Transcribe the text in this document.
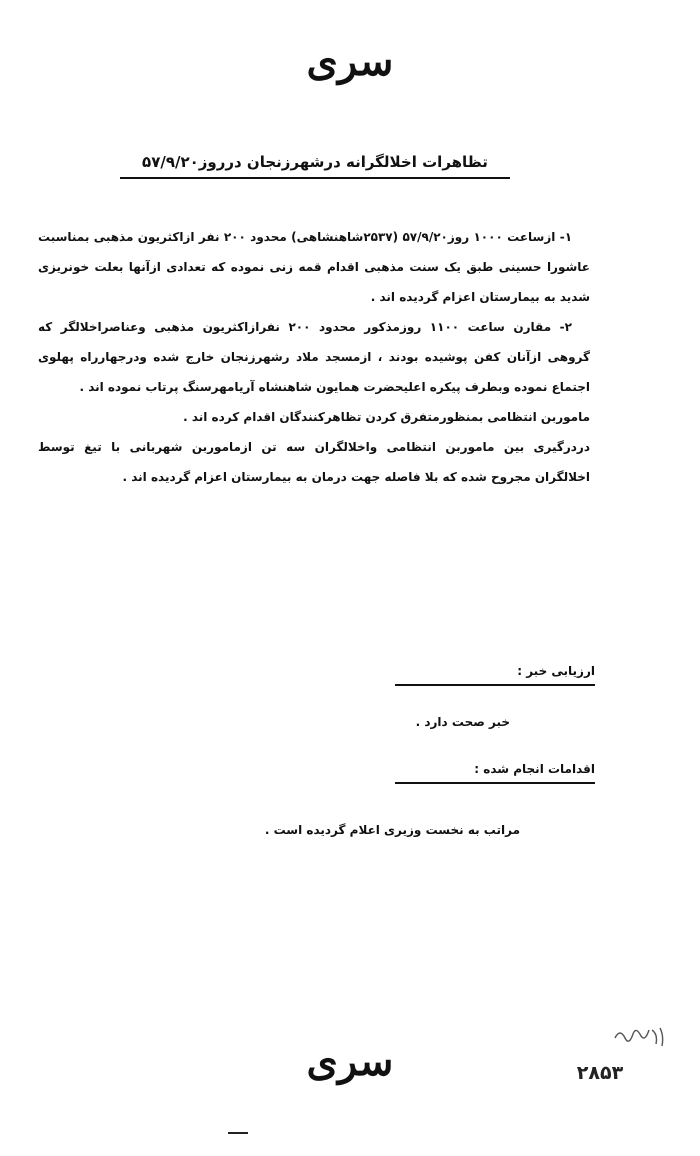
سری
تظاهرات اخلالگرانه درشهرزنجان درروز۵۷/۹/۲۰

۱- ازساعت ۱۰۰۰ روز۵۷/۹/۲۰ (۲۵۳۷شاهنشاهی) محدود ۲۰۰ نفر ازاکثریون مذهبی بمناسبت عاشورا حسینی طبق یک سنت مذهبی اقدام قمه زنی نموده که تعدادی ازآنها بعلت خونریزی شدید به بیمارستان اعزام گردیده اند .

۲- مقارن ساعت ۱۱۰۰ روزمذکور محدود ۲۰۰ نفرازاکثریون مذهبی وعناصراخلالگر که گروهی ازآنان کفن پوشیده بودند ، ازمسجد ملاد رشهرزنجان خارج شده ودرجهارراه پهلوی اجتماع نموده وبطرف پیکره اعلیحضرت همایون شاهنشاه آریامهرسنگ پرتاب نموده اند .

ماموربن انتظامی بمنظورمتفرق کردن تظاهرکنندگان اقدام کرده اند .

دردرگیری بین ماموربن انتظامی واخلالگران سه تن ازماموربن شهربانی با تیغ توسط اخلالگران مجروح شده که بلا فاصله جهت درمان به بیمارستان اعزام گردیده اند .

ارزیابی خبر :
خبر صحت دارد .
اقدامات انجام شده :
مراتب به نخست وزیری اعلام گردیده است .
۲۸۵۳
سری
